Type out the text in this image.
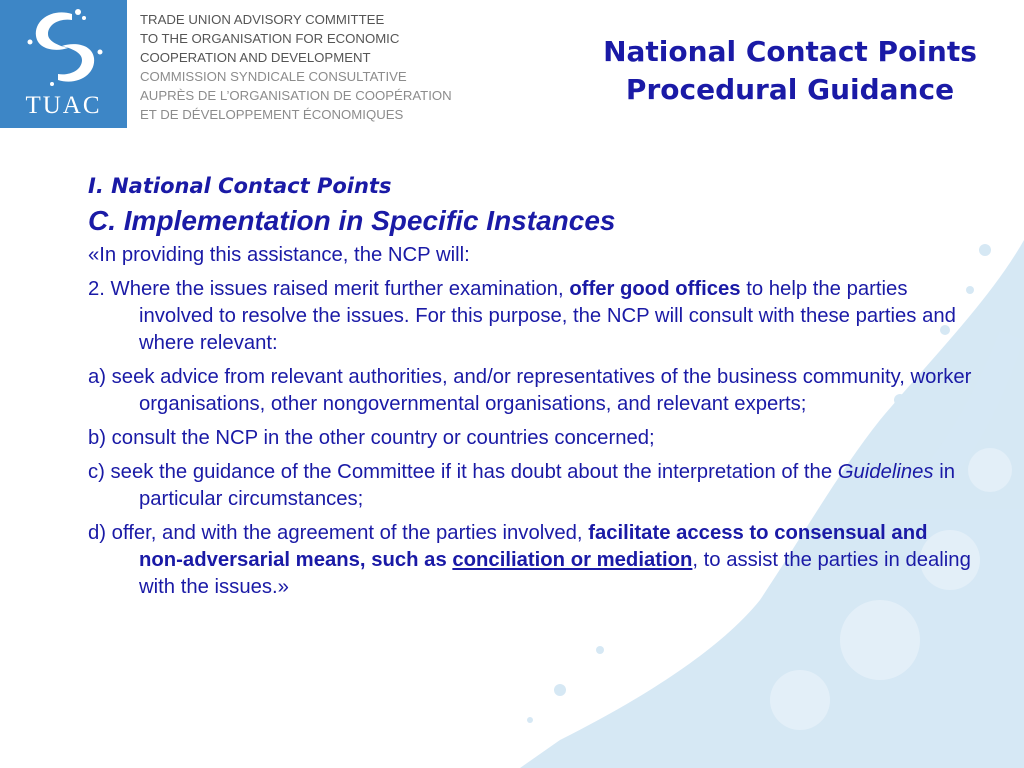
TUAC
TRADE UNION ADVISORY COMMITTEE
TO THE ORGANISATION FOR ECONOMIC
COOPERATION AND DEVELOPMENT
COMMISSION SYNDICALE CONSULTATIVE
AUPRÈS DE L’ORGANISATION DE COOPÉRATION
ET DE DÉVELOPPEMENT ÉCONOMIQUES
National Contact Points
Procedural Guidance

I. National Contact Points

C. Implementation in Specific Instances

«In providing this assistance, the NCP will:

2. Where the issues raised merit further examination, offer good offices to help the parties involved to resolve the issues. For this purpose, the NCP will consult with these parties and where relevant:

a) seek advice from relevant authorities, and/or representatives of the business community, worker organisations, other nongovernmental organisations, and relevant experts;

b) consult the NCP in the other country or countries concerned;

c) seek the guidance of the Committee if it has doubt about the interpretation of the Guidelines in particular circumstances;

d) offer, and with the agreement of the parties involved, facilitate access to consensual and non-adversarial means, such as conciliation or mediation, to assist the parties in dealing with the issues.»
